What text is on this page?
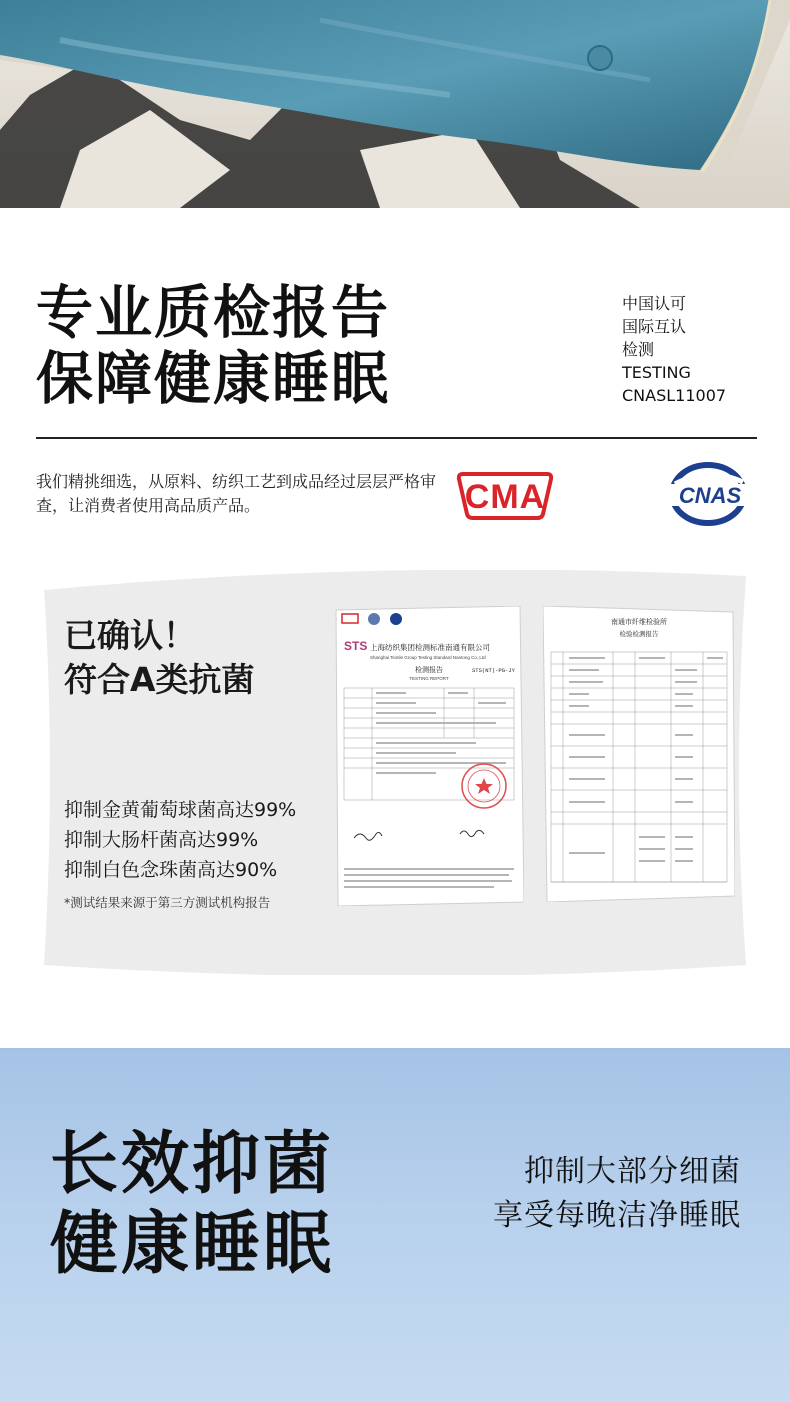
专业质检报告
保障健康睡眠
中国认可
国际互认
检测
TESTING
CNASL11007
我们精挑细选，从原料、纺织工艺到成品经过层层严格审查，让消费者使用高品质产品。	CMA	CNAS
已确认！
符合A类抗菌
抑制金黄葡萄球菌高达99%
抑制大肠杆菌高达99%
抑制白色念珠菌高达90%
*测试结果来源于第三方测试机构报告
STS 上海纺织集团检测标准南通有限公司
Shanghai Textile Group Testing Standard Nantong Co.,Ltd
检测报告
TESTING REPORT
STS(NT)-PG-JY
南通市纤维检验所
检验检测报告
长效抑菌
健康睡眠
抑制大部分细菌
享受每晚洁净睡眠
